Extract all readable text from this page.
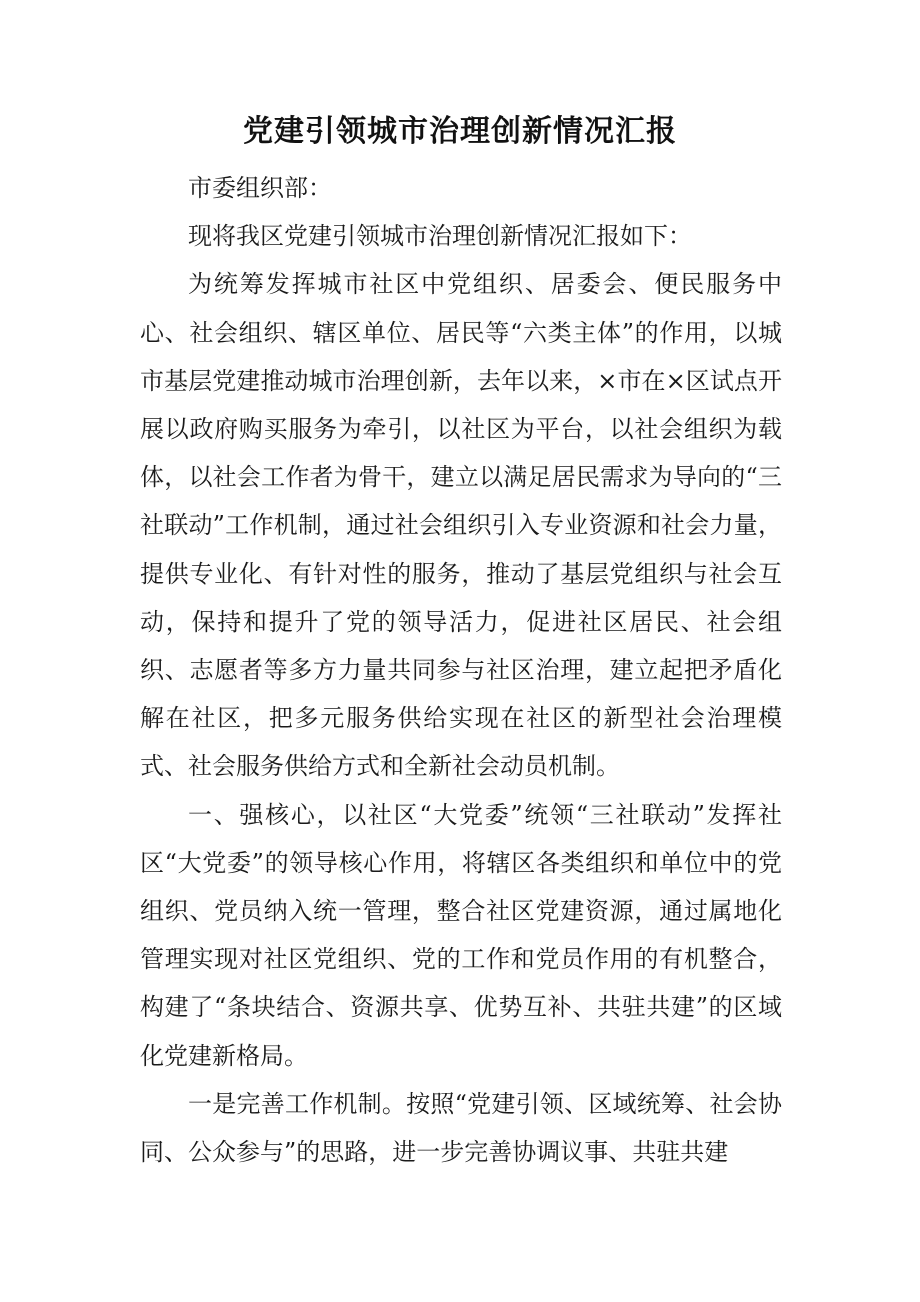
党建引领城市治理创新情况汇报

市委组织部：

现将我区党建引领城市治理创新情况汇报如下：

为统筹发挥城市社区中党组织、居委会、便民服务中心、社会组织、辖区单位、居民等“六类主体”的作用，以城市基层党建推动城市治理创新，去年以来，×市在×区试点开展以政府购买服务为牵引，以社区为平台，以社会组织为载体，以社会工作者为骨干，建立以满足居民需求为导向的“三社联动”工作机制，通过社会组织引入专业资源和社会力量，提供专业化、有针对性的服务，推动了基层党组织与社会互动，保持和提升了党的领导活力，促进社区居民、社会组织、志愿者等多方力量共同参与社区治理，建立起把矛盾化解在社区，把多元服务供给实现在社区的新型社会治理模式、社会服务供给方式和全新社会动员机制。

一、强核心，以社区“大党委”统领“三社联动”发挥社区“大党委”的领导核心作用，将辖区各类组织和单位中的党组织、党员纳入统一管理，整合社区党建资源，通过属地化管理实现对社区党组织、党的工作和党员作用的有机整合，构建了“条块结合、资源共享、优势互补、共驻共建”的区域化党建新格局。

一是完善工作机制。按照“党建引领、区域统筹、社会协同、公众参与”的思路，进一步完善协调议事、共驻共建
